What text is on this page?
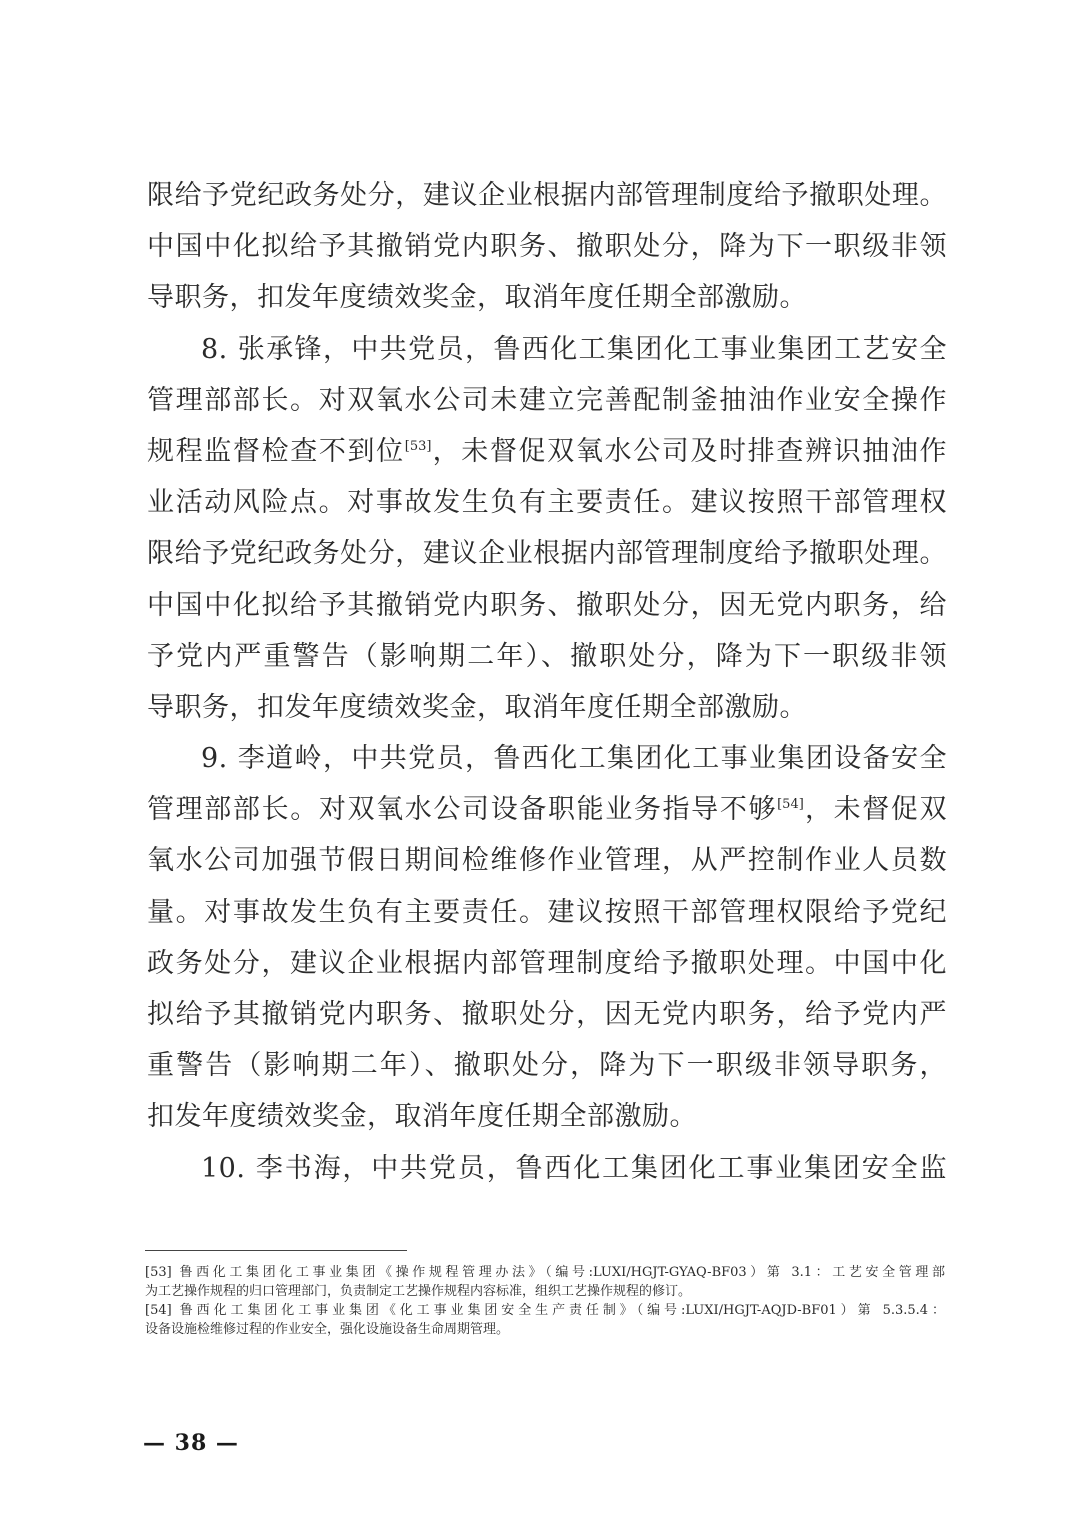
限给予党纪政务处分，建议企业根据内部管理制度给予撤职处理。
中国中化拟给予其撤销党内职务、撤职处分，降为下一职级非领
导职务，扣发年度绩效奖金，取消年度任期全部激励。
8. 张承锋，中共党员，鲁西化工集团化工事业集团工艺安全
管理部部长。对双氧水公司未建立完善配制釜抽油作业安全操作
规程监督检查不到位[53]，未督促双氧水公司及时排查辨识抽油作
业活动风险点。对事故发生负有主要责任。建议按照干部管理权
限给予党纪政务处分，建议企业根据内部管理制度给予撤职处理。
中国中化拟给予其撤销党内职务、撤职处分，因无党内职务，给
予党内严重警告（影响期二年）、撤职处分，降为下一职级非领
导职务，扣发年度绩效奖金，取消年度任期全部激励。
9. 李道岭，中共党员，鲁西化工集团化工事业集团设备安全
管理部部长。对双氧水公司设备职能业务指导不够[54]，未督促双
氧水公司加强节假日期间检维修作业管理，从严控制作业人员数
量。对事故发生负有主要责任。建议按照干部管理权限给予党纪
政务处分，建议企业根据内部管理制度给予撤职处理。中国中化
拟给予其撤销党内职务、撤职处分，因无党内职务，给予党内严
重警告（影响期二年）、撤职处分，降为下一职级非领导职务，
扣发年度绩效奖金，取消年度任期全部激励。
10. 李书海，中共党员，鲁西化工集团化工事业集团安全监
[53] 鲁西化工集团化工事业集团《操作规程管理办法》（编号:LUXI/HGJT-GYAQ-BF03）第 3.1：工艺安全管理部
为工艺操作规程的归口管理部门，负责制定工艺操作规程内容标准，组织工艺操作规程的修订。
[54] 鲁西化工集团化工事业集团《化工事业集团安全生产责任制》（编号:LUXI/HGJT-AQJD-BF01）第 5.3.5.4：
设备设施检维修过程的作业安全，强化设施设备生命周期管理。
— 38 —
